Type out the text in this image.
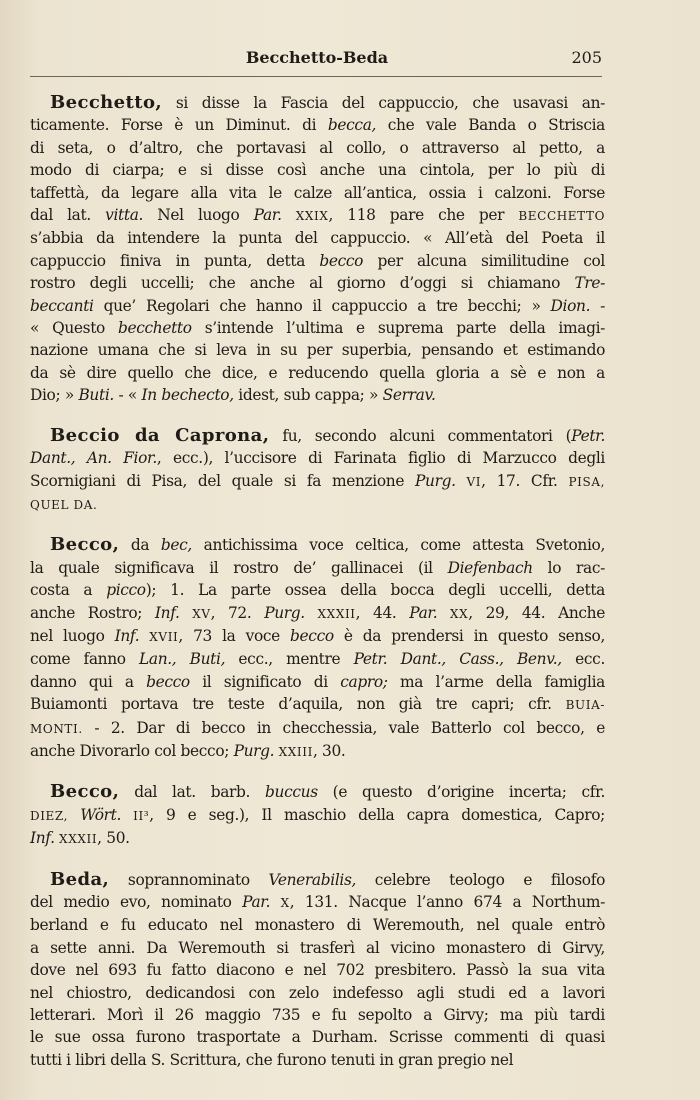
Becchetto-Beda	205
Becchetto, si disse la Fascia del cappuccio, che usavasi an-
ticamente. Forse è un Diminut. di becca, che vale Banda o Striscia
di seta, o d’altro, che portavasi al collo, o attraverso al petto, a
modo di ciarpa; e si disse così anche una cintola, per lo più di
taffettà, da legare alla vita le calze all’antica, ossia i calzoni. Forse
dal lat. vitta. Nel luogo Par. XXIX, 118 pare che per BECCHETTO
s’abbia da intendere la punta del cappuccio. « All’età del Poeta il
cappuccio finiva in punta, detta becco per alcuna similitudine col
rostro degli uccelli; che anche al giorno d’oggi si chiamano Tre-
beccanti que’ Regolari che hanno il cappuccio a tre becchi; » Dion. -
« Questo becchetto s’intende l’ultima e suprema parte della imagi-
nazione umana che si leva in su per superbia, pensando et estimando
da sè dire quello che dice, e reducendo quella gloria a sè e non a
Dio; » Buti. - « In bechecto, idest, sub cappa; » Serrav.
Beccio da Caprona, fu, secondo alcuni commentatori (Petr.
Dant., An. Fior., ecc.), l’uccisore di Farinata figlio di Marzucco degli
Scornigiani di Pisa, del quale si fa menzione Purg. VI, 17. Cfr. PISA,
QUEL DA.
Becco, da bec, antichissima voce celtica, come attesta Svetonio,
la quale significava il rostro de’ gallinacei (il Diefenbach lo rac-
costa a picco); 1. La parte ossea della bocca degli uccelli, detta
anche Rostro; Inf. XV, 72. Purg. XXXII, 44. Par. XX, 29, 44. Anche
nel luogo Inf. XVII, 73 la voce becco è da prendersi in questo senso,
come fanno Lan., Buti, ecc., mentre Petr. Dant., Cass., Benv., ecc.
danno qui a becco il significato di capro; ma l’arme della famiglia
Buiamonti portava tre teste d’aquila, non già tre capri; cfr. BUIA-
MONTI. - 2. Dar di becco in checchessia, vale Batterlo col becco, e
anche Divorarlo col becco; Purg. XXIII, 30.
Becco, dal lat. barb. buccus (e questo d’origine incerta; cfr.
DIEZ, Wört. II³, 9 e seg.), Il maschio della capra domestica, Capro;
Inf. XXXII, 50.
Beda, soprannominato Venerabilis, celebre teologo e filosofo
del medio evo, nominato Par. X, 131. Nacque l’anno 674 a Northum-
berland e fu educato nel monastero di Weremouth, nel quale entrò
a sette anni. Da Weremouth si trasferì al vicino monastero di Girvy,
dove nel 693 fu fatto diacono e nel 702 presbitero. Passò la sua vita
nel chiostro, dedicandosi con zelo indefesso agli studi ed a lavori
letterari. Morì il 26 maggio 735 e fu sepolto a Girvy; ma più tardi
le sue ossa furono trasportate a Durham. Scrisse commenti di quasi
tutti i libri della S. Scrittura, che furono tenuti in gran pregio nel
